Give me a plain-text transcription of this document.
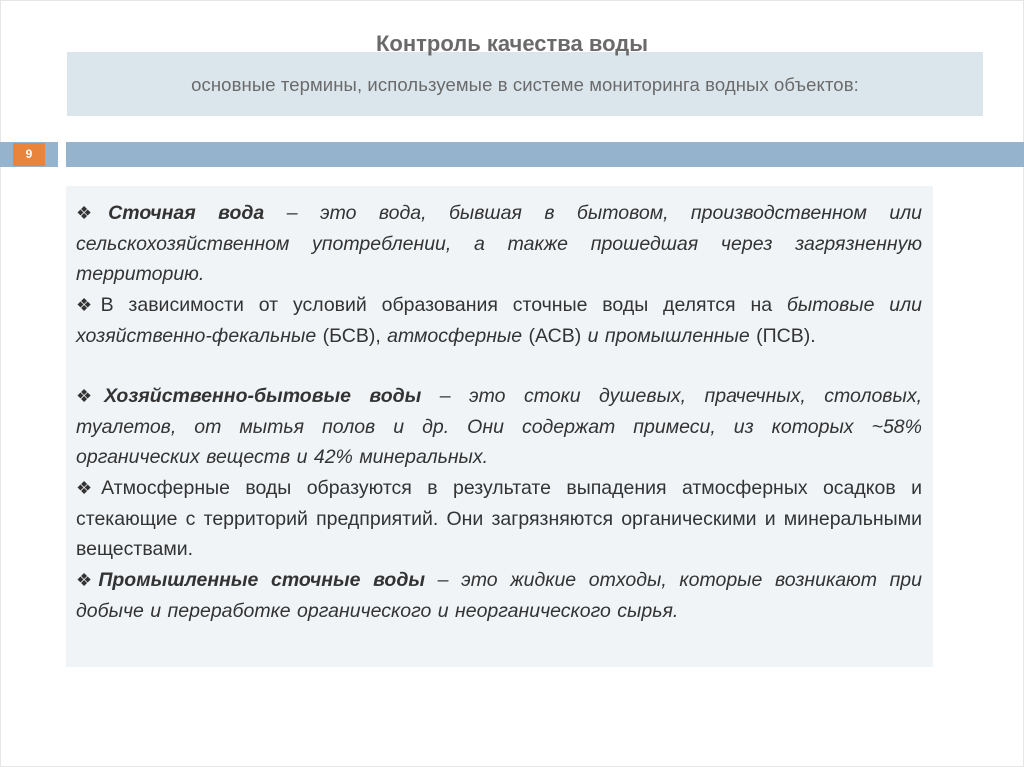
Контроль качества воды
основные термины, используемые в системе мониторинга водных объектов:
9
❖Сточная вода – это вода, бывшая в бытовом, производственном или сельскохозяйственном употреблении, а также прошедшая через загрязненную территорию.
❖В зависимости от условий образования сточные воды делятся на бытовые или хозяйственно-фекальные (БСВ), атмосферные (АСВ) и промышленные (ПСВ).
❖Хозяйственно-бытовые воды – это стоки душевых, прачечных, столовых, туалетов, от мытья полов и др. Они содержат примеси, из которых ~58% органических веществ и 42% минеральных.
❖Атмосферные воды образуются в результате выпадения атмосферных осадков и стекающие с территорий предприятий. Они загрязняются органическими и минеральными веществами.
❖Промышленные сточные воды – это жидкие отходы, которые возникают при добыче и переработке органического и неорганического сырья.
